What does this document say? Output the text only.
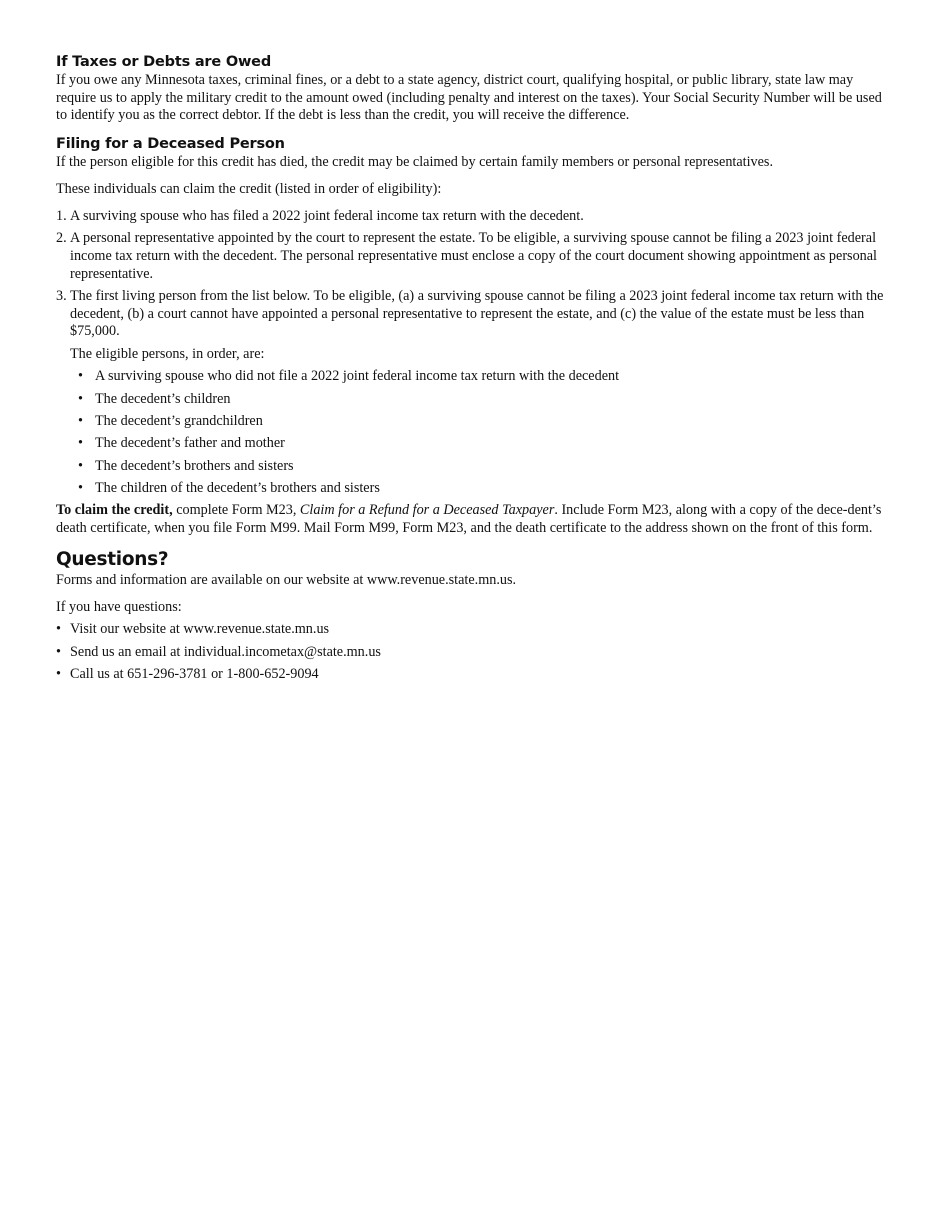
If Taxes or Debts are Owed

If you owe any Minnesota taxes, criminal fines, or a debt to a state agency, district court, qualifying hospital, or public library, state law may require us to apply the military credit to the amount owed (including penalty and interest on the taxes). Your Social Security Number will be used to identify you as the correct debtor. If the debt is less than the credit, you will receive the difference.

Filing for a Deceased Person

If the person eligible for this credit has died, the credit may be claimed by certain family members or personal representatives.

These individuals can claim the credit (listed in order of eligibility):

1. A surviving spouse who has filed a 2022 joint federal income tax return with the decedent.
2. A personal representative appointed by the court to represent the estate. To be eligible, a surviving spouse cannot be filing a 2023 joint federal income tax return with the decedent. The personal representative must enclose a copy of the court document showing appointment as personal representative.
3. The first living person from the list below. To be eligible, (a) a surviving spouse cannot be filing a 2023 joint federal income tax return with the decedent, (b) a court cannot have appointed a personal representative to represent the estate, and (c) the value of the estate must be less than $75,000.

The eligible persons, in order, are:

• A surviving spouse who did not file a 2022 joint federal income tax return with the decedent
• The decedent’s children
• The decedent’s grandchildren
• The decedent’s father and mother
• The decedent’s brothers and sisters
• The children of the decedent’s brothers and sisters

To claim the credit, complete Form M23, Claim for a Refund for a Deceased Taxpayer. Include Form M23, along with a copy of the dece-dent’s death certificate, when you file Form M99. Mail Form M99, Form M23, and the death certificate to the address shown on the front of this form.

Questions?

Forms and information are available on our website at www.revenue.state.mn.us.

If you have questions:

• Visit our website at www.revenue.state.mn.us
• Send us an email at individual.incometax@state.mn.us
• Call us at 651-296-3781 or 1-800-652-9094
